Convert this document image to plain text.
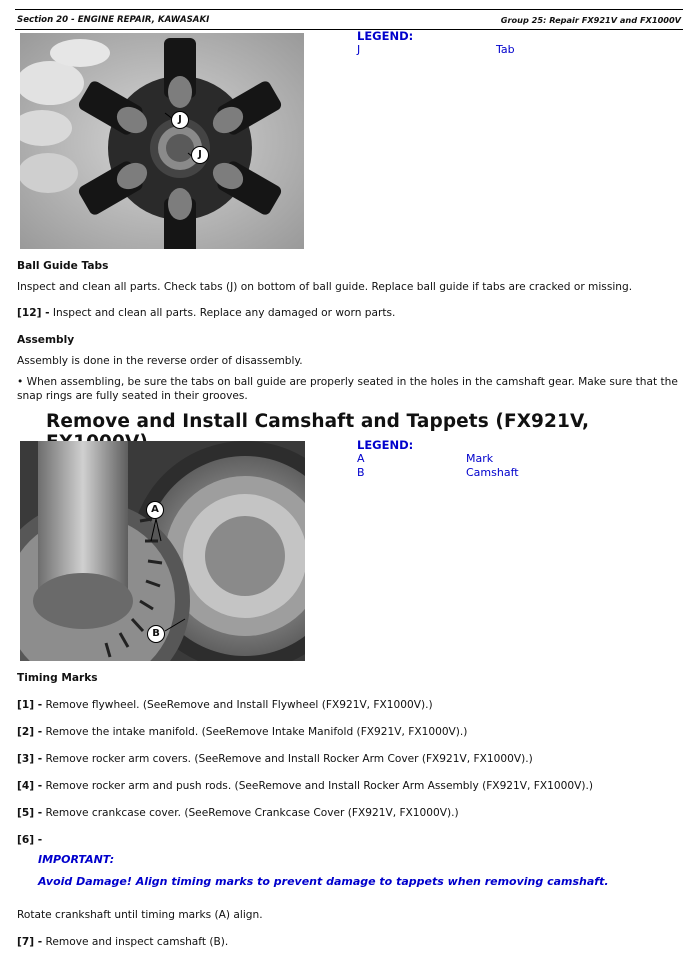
Section 20 - ENGINE REPAIR, KAWASAKI	Group 25: Repair FX921V and FX1000V
J
J
LEGEND:
J	Tab
Ball Guide Tabs
Inspect and clean all parts. Check tabs (J) on bottom of ball guide. Replace ball guide if tabs are cracked or missing.
[12] - Inspect and clean all parts. Replace any damaged or worn parts.
Assembly
Assembly is done in the reverse order of disassembly.
• When assembling, be sure the tabs on ball guide are properly seated in the holes in the camshaft gear. Make sure that the
snap rings are fully seated in their grooves.
Remove and Install Camshaft and Tappets (FX921V,
A
B
LEGEND:
A	Mark
B	Camshaft
Timing Marks
[1] - Remove flywheel. (SeeRemove and Install Flywheel (FX921V, FX1000V).)
[2] - Remove the intake manifold. (SeeRemove Intake Manifold (FX921V, FX1000V).)
[3] - Remove rocker arm covers. (SeeRemove and Install Rocker Arm Cover (FX921V, FX1000V).)
[4] - Remove rocker arm and push rods. (SeeRemove and Install Rocker Arm Assembly (FX921V, FX1000V).)
[5] - Remove crankcase cover. (SeeRemove Crankcase Cover (FX921V, FX1000V).)
[6] -
IMPORTANT:
Avoid Damage! Align timing marks to prevent damage to tappets when removing camshaft.
Rotate crankshaft until timing marks (A) align.
[7] - Remove and inspect camshaft (B).
